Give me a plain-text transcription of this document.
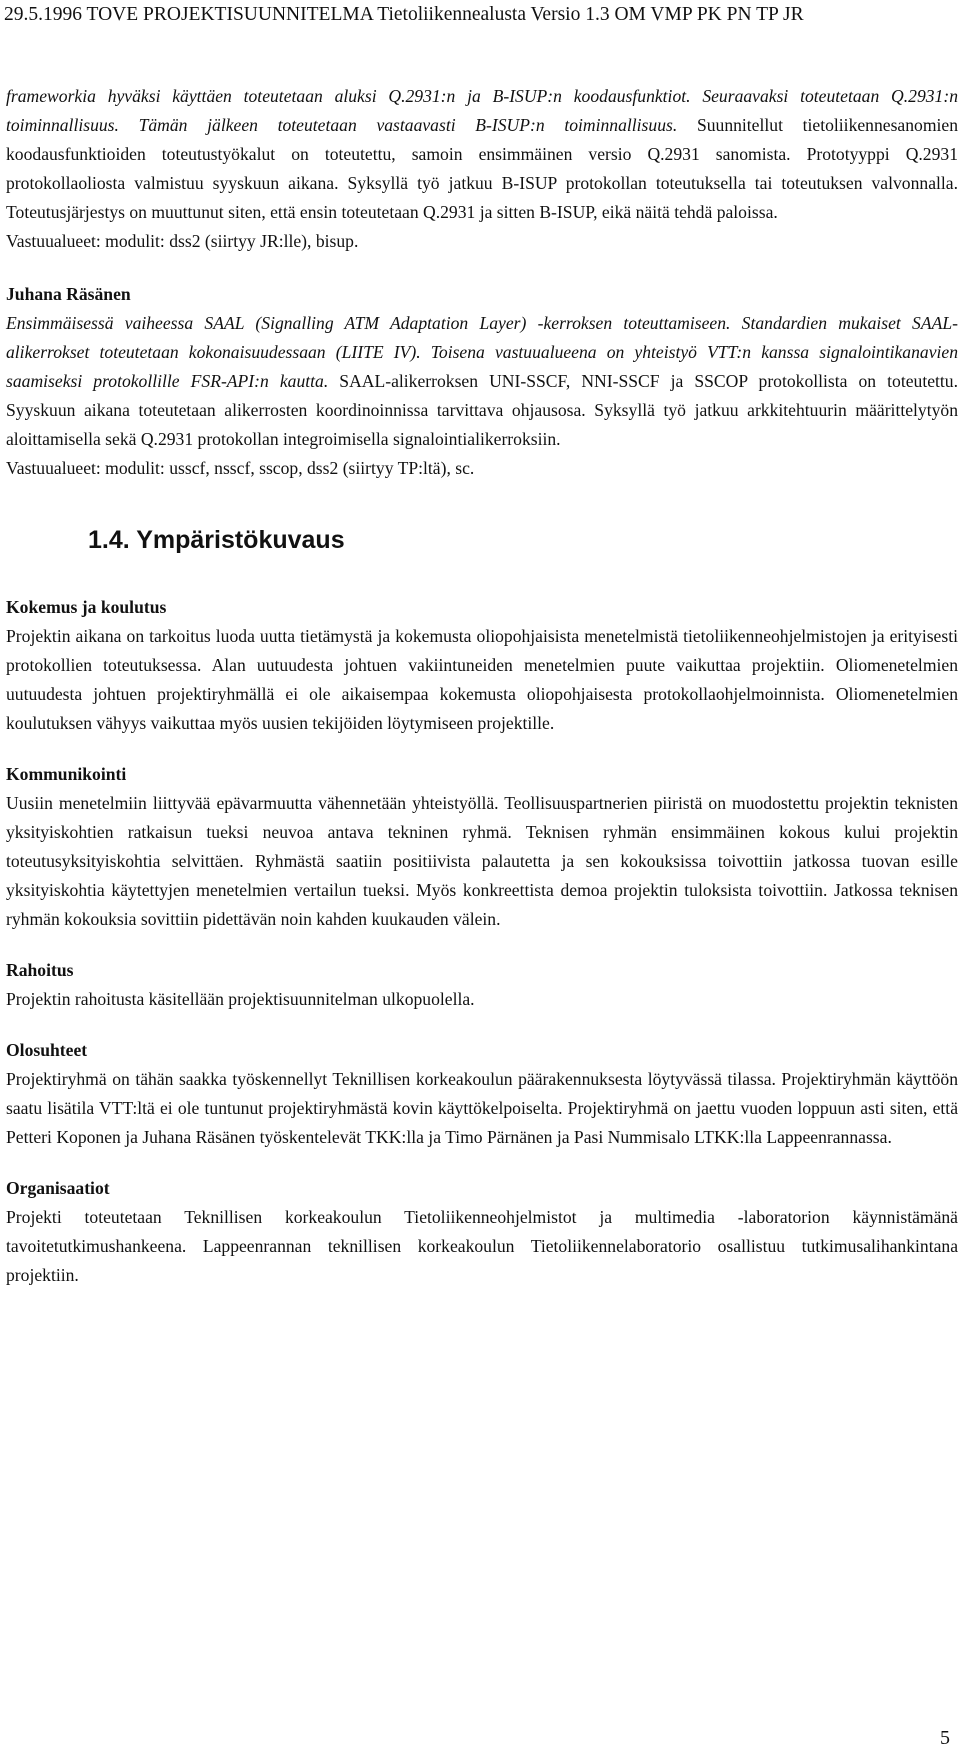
29.5.1996 TOVE PROJEKTISUUNNITELMA Tietoliikennealusta Versio 1.3 OM VMP PK PN TP JR

frameworkia hyväksi käyttäen toteutetaan aluksi Q.2931:n ja B-ISUP:n koodausfunktiot. Seuraavaksi toteutetaan Q.2931:n toiminnallisuus. Tämän jälkeen toteutetaan vastaavasti B-ISUP:n toiminnallisuus. Suunnitellut tietoliikennesanomien koodausfunktioiden toteutustyökalut on toteutettu, samoin ensimmäinen versio Q.2931 sanomista. Prototyyppi Q.2931 protokollaoliosta valmistuu syyskuun aikana. Syksyllä työ jatkuu B-ISUP protokollan toteutuksella tai toteutuksen valvonnalla. Toteutusjärjestys on muuttunut siten, että ensin toteutetaan Q.2931 ja sitten B-ISUP, eikä näitä tehdä paloissa.

Vastuualueet: modulit: dss2 (siirtyy JR:lle), bisup.

Juhana Räsänen

Ensimmäisessä vaiheessa SAAL (Signalling ATM Adaptation Layer) -kerroksen toteuttamiseen. Standardien mukaiset SAAL-alikerrokset toteutetaan kokonaisuudessaan (LIITE IV). Toisena vastuualueena on yhteistyö VTT:n kanssa signalointikanavien saamiseksi protokollille FSR-API:n kautta. SAAL-alikerroksen UNI-SSCF, NNI-SSCF ja SSCOP protokollista on toteutettu. Syyskuun aikana toteutetaan alikerrosten koordinoinnissa tarvittava ohjausosa. Syksyllä työ jatkuu arkkitehtuurin määrittelytyön aloittamisella sekä Q.2931 protokollan integroimisella signalointialikerroksiin.

Vastuualueet: modulit: usscf, nsscf, sscop, dss2 (siirtyy TP:ltä), sc.

1.4. Ympäristökuvaus
Kokemus ja koulutus

Projektin aikana on tarkoitus luoda uutta tietämystä ja kokemusta oliopohjaisista menetelmistä tietoliikenneohjelmistojen ja erityisesti protokollien toteutuksessa. Alan uutuudesta johtuen vakiintuneiden menetelmien puute vaikuttaa projektiin. Oliomenetelmien uutuudesta johtuen projektiryhmällä ei ole aikaisempaa kokemusta oliopohjaisesta protokollaohjelmoinnista. Oliomenetelmien koulutuksen vähyys vaikuttaa myös uusien tekijöiden löytymiseen projektille.

Kommunikointi

Uusiin menetelmiin liittyvää epävarmuutta vähennetään yhteistyöllä. Teollisuuspartnerien piiristä on muodostettu projektin teknisten yksityiskohtien ratkaisun tueksi neuvoa antava tekninen ryhmä. Teknisen ryhmän ensimmäinen kokous kului projektin toteutusyksityiskohtia selvittäen. Ryhmästä saatiin positiivista palautetta ja sen kokouksissa toivottiin jatkossa tuovan esille yksityiskohtia käytettyjen menetelmien vertailun tueksi. Myös konkreettista demoa projektin tuloksista toivottiin. Jatkossa teknisen ryhmän kokouksia sovittiin pidettävän noin kahden kuukauden välein.

Rahoitus

Projektin rahoitusta käsitellään projektisuunnitelman ulkopuolella.

Olosuhteet

Projektiryhmä on tähän saakka työskennellyt Teknillisen korkeakoulun päärakennuksesta löytyvässä tilassa. Projektiryhmän käyttöön saatu lisätila VTT:ltä ei ole tuntunut projektiryhmästä kovin käyttökelpoiselta. Projektiryhmä on jaettu vuoden loppuun asti siten, että Petteri Koponen ja Juhana Räsänen työskentelevät TKK:lla ja Timo Pärnänen ja Pasi Nummisalo LTKK:lla Lappeenrannassa.

Organisaatiot

Projekti toteutetaan Teknillisen korkeakoulun Tietoliikenneohjelmistot ja multimedia -laboratorion käynnistämänä tavoitetutkimushankeena. Lappeenrannan teknillisen korkeakoulun Tietoliikennelaboratorio osallistuu tutkimusalihankintana projektiin.

5
